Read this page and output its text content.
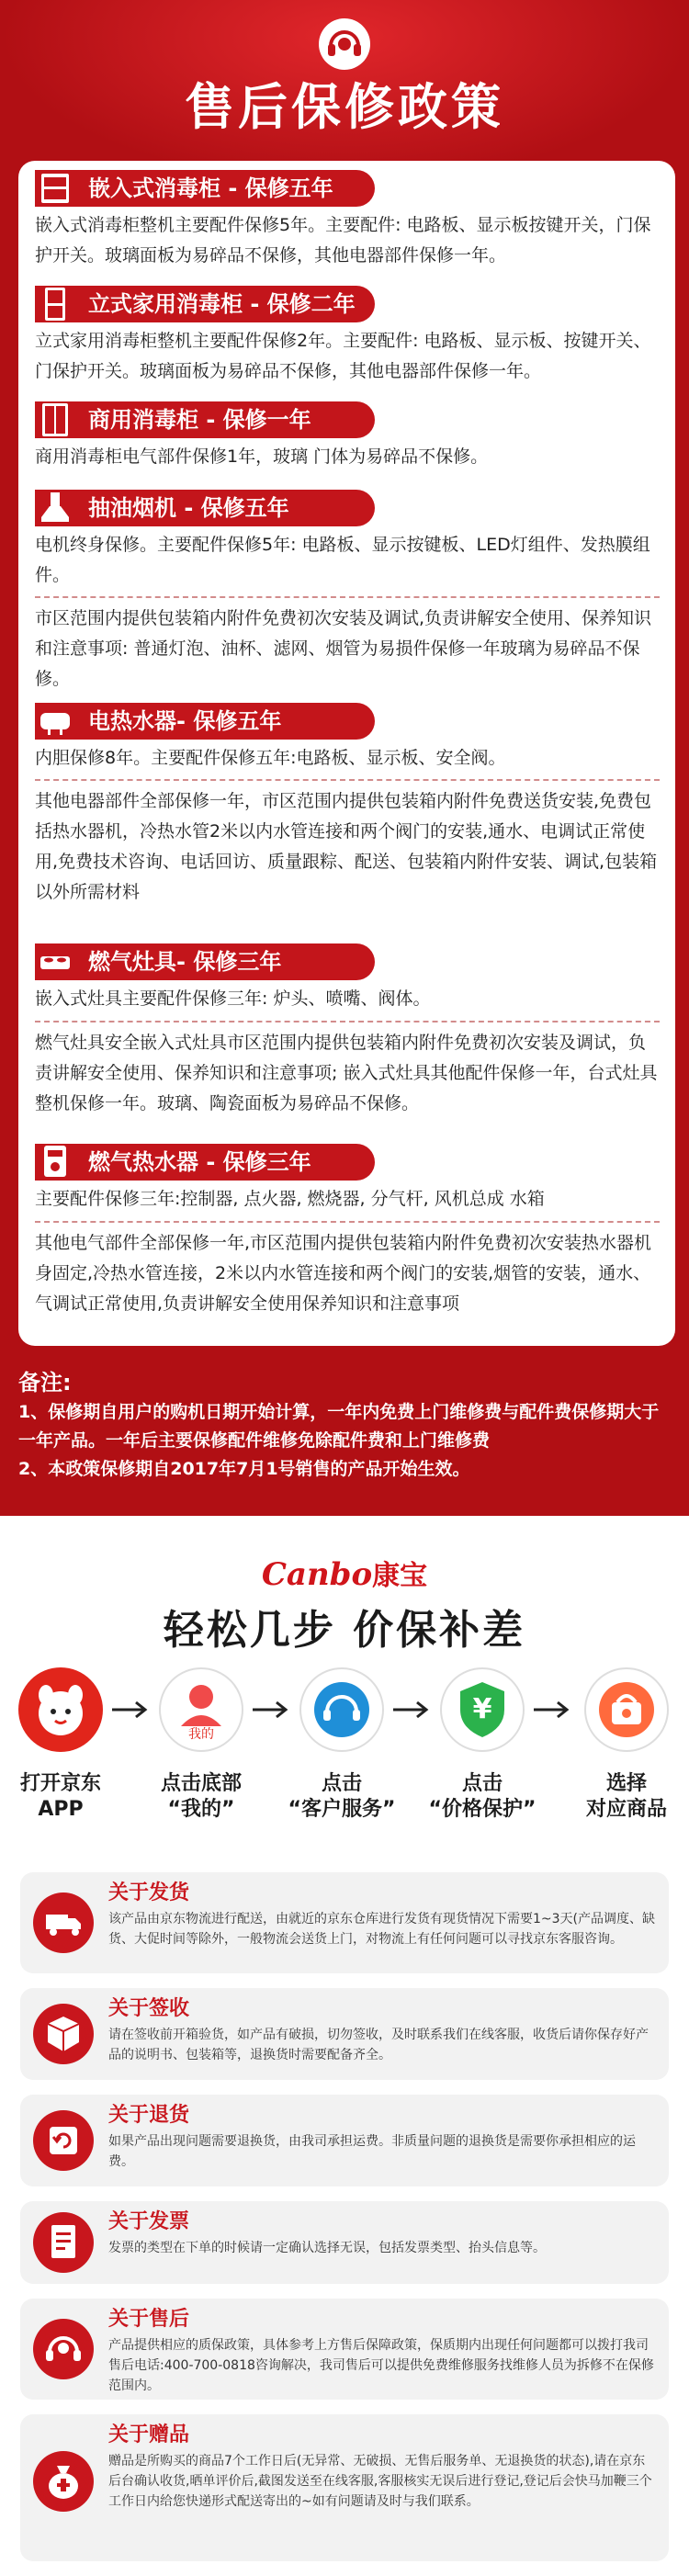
售后保修政策
嵌入式消毒柜 - 保修五年
嵌入式消毒柜整机主要配件保修5年。主要配件: 电路板、显示板按键开关，门保护开关。玻璃面板为易碎品不保修，其他电器部件保修一年。
立式家用消毒柜 - 保修二年
立式家用消毒柜整机主要配件保修2年。主要配件: 电路板、显示板、按键开关、门保护开关。玻璃面板为易碎品不保修，其他电器部件保修一年。
商用消毒柜 - 保修一年
商用消毒柜电气部件保修1年，玻璃 门体为易碎品不保修。
抽油烟机 - 保修五年
电机终身保修。主要配件保修5年: 电路板、显示按键板、LED灯组件、发热膜组件。
市区范围内提供包装箱内附件免费初次安装及调试,负责讲解安全使用、保养知识和注意事项: 普通灯泡、油杯、滤网、烟管为易损件保修一年玻璃为易碎品不保修。
电热水器- 保修五年
内胆保修8年。主要配件保修五年:电路板、显示板、安全阀。
其他电器部件全部保修一年，市区范围内提供包装箱内附件免费送货安装,免费包括热水器机，冷热水管2米以内水管连接和两个阀门的安装,通水、电调试正常使用,免费技术咨询、电话回访、质量跟粽、配送、包装箱内附件安装、调试,包装箱以外所需材料
燃气灶具- 保修三年
嵌入式灶具主要配件保修三年: 炉头、喷嘴、阀体。
燃气灶具安全嵌入式灶具市区范围内提供包装箱内附件免费初次安装及调试，负责讲解安全使用、保养知识和注意事项; 嵌入式灶具其他配件保修一年，台式灶具整机保修一年。玻璃、陶瓷面板为易碎品不保修。
燃气热水器 - 保修三年
主要配件保修三年:控制器, 点火器, 燃烧器, 分气杆, 风机总成 水箱
其他电气部件全部保修一年,市区范围内提供包装箱内附件免费初次安装热水器机身固定,冷热水管连接，2米以内水管连接和两个阀门的安装,烟管的安装，通水、气调试正常使用,负责讲解安全使用保养知识和注意事项
备注:
1、保修期自用户的购机日期开始计算，一年内免费上门维修费与配件费保修期大于一年产品。一年后主要保修配件维修免除配件费和上门维修费
2、本政策保修期自2017年7月1号销售的产品开始生效。
Canbo康宝
轻松几步 价保补差
我的
¥
打开京东
APP
点击底部
“我的”
点击
“客户服务”
点击
“价格保护”
选择
对应商品
关于发货
该产品由京东物流进行配送，由就近的京东仓库进行发货有现货情况下需要1~3天(产品调度、缺货、大促时间等除外，一般物流会送货上门，对物流上有任何问题可以寻找京东客服咨询。
关于签收
请在签收前开箱验货，如产品有破损，切勿签收，及时联系我们在线客服，收货后请你保存好产品的说明书、包装箱等，退换货时需要配备齐全。
关于退货
如果产品出现问题需要退换货，由我司承担运费。非质量问题的退换货是需要你承担相应的运费。
关于发票
发票的类型在下单的时候请一定确认选择无误，包括发票类型、抬头信息等。
关于售后
产品提供相应的质保政策，具体参考上方售后保障政策，保质期内出现任何问题都可以拨打我司售后电话:400-700-0818咨询解决，我司售后可以提供免费维修服务找维修人员为拆修不在保修范围内。
关于赠品
赠品是所购买的商品7个工作日后(无异常、无破损、无售后服务单、无退换货的状态),请在京东后台确认收货,晒单评价后,截图发送至在线客服,客服核实无误后进行登记,登记后会快马加鞭三个工作日内给您快递形式配送寄出的~如有问题请及时与我们联系。
